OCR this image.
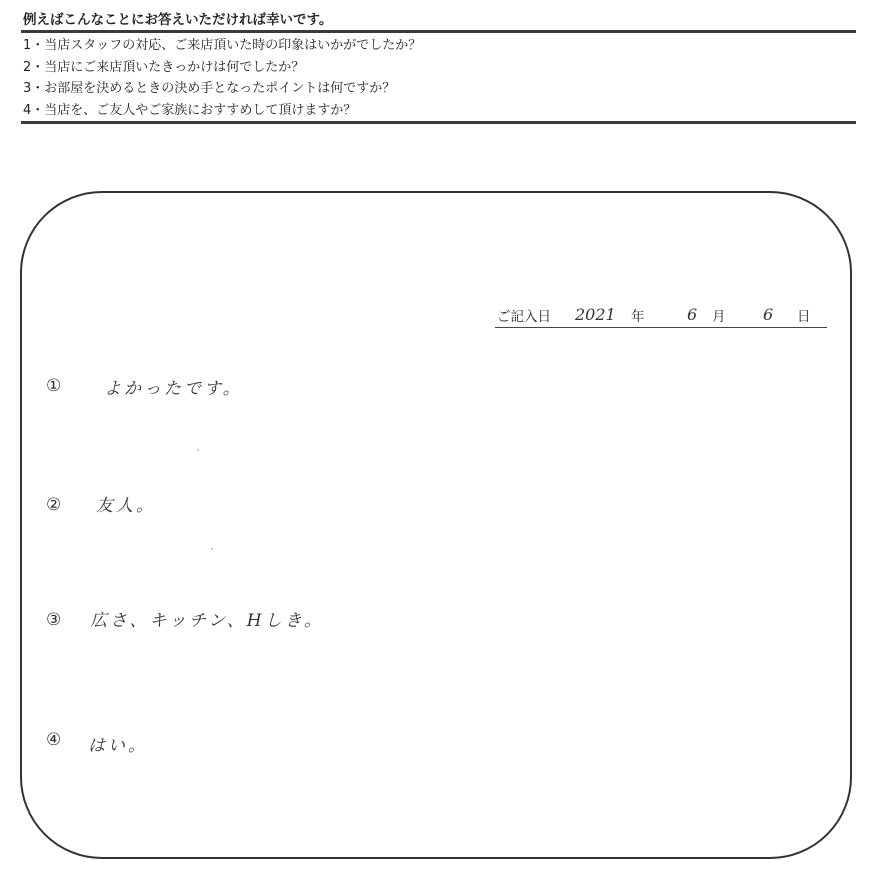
例えばこんなことにお答えいただければ幸いです。

1・当店スタッフの対応、ご来店頂いた時の印象はいかがでしたか？
2・当店にご来店頂いたきっかけは何でしたか？
3・お部屋を決めるときの決め手となったポイントは何ですか？
4・当店を、ご友人やご家族におすすめして頂けますか？
ご記入日 2021 年	6 月 6 日
①	よかったです。
② 友人。
③ 広さ、キッチン、Hしき。
④ はい。
